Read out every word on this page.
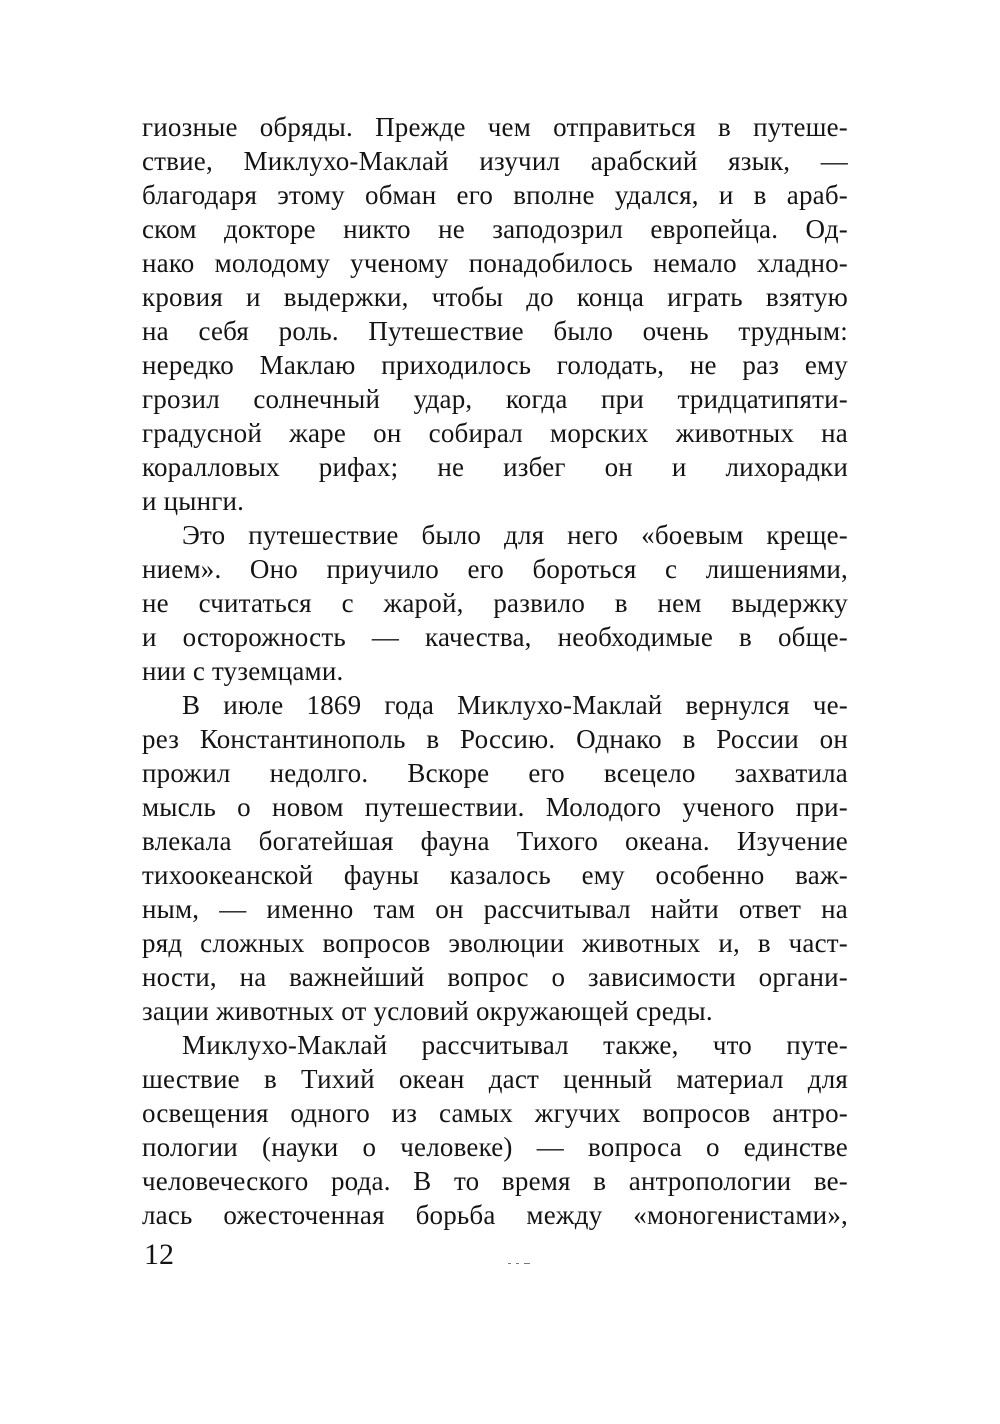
гиозные обряды. Прежде чем отправиться в путеше-
ствие, Миклухо-Маклай изучил арабский язык, —
благодаря этому обман его вполне удался, и в араб-
ском докторе никто не заподозрил европейца. Од-
нако молодому ученому понадобилось немало хладно-
кровия и выдержки, чтобы до конца играть взятую
на себя роль. Путешествие было очень трудным:
нередко Маклаю приходилось голодать, не раз ему
грозил солнечный удар, когда при тридцатипяти-
градусной жаре он собирал морских животных на
коралловых рифах; не избег он и лихорадки
и цынги.
Это путешествие было для него «боевым креще-
нием». Оно приучило его бороться с лишениями,
не считаться с жарой, развило в нем выдержку
и осторожность — качества, необходимые в обще-
нии с туземцами.
В июле 1869 года Миклухо-Маклай вернулся че-
рез Константинополь в Россию. Однако в России он
прожил недолго. Вскоре его всецело захватила
мысль о новом путешествии. Молодого ученого при-
влекала богатейшая фауна Тихого океана. Изучение
тихоокеанской фауны казалось ему особенно важ-
ным, — именно там он рассчитывал найти ответ на
ряд сложных вопросов эволюции животных и, в част-
ности, на важнейший вопрос о зависимости органи-
зации животных от условий окружающей среды.
Миклухо-Маклай рассчитывал также, что путе-
шествие в Тихий океан даст ценный материал для
освещения одного из самых жгучих вопросов антро-
пологии (науки о человеке) — вопроса о единстве
человеческого рода. В то время в антропологии ве-
лась ожесточенная борьба между «моногенистами»,
12
